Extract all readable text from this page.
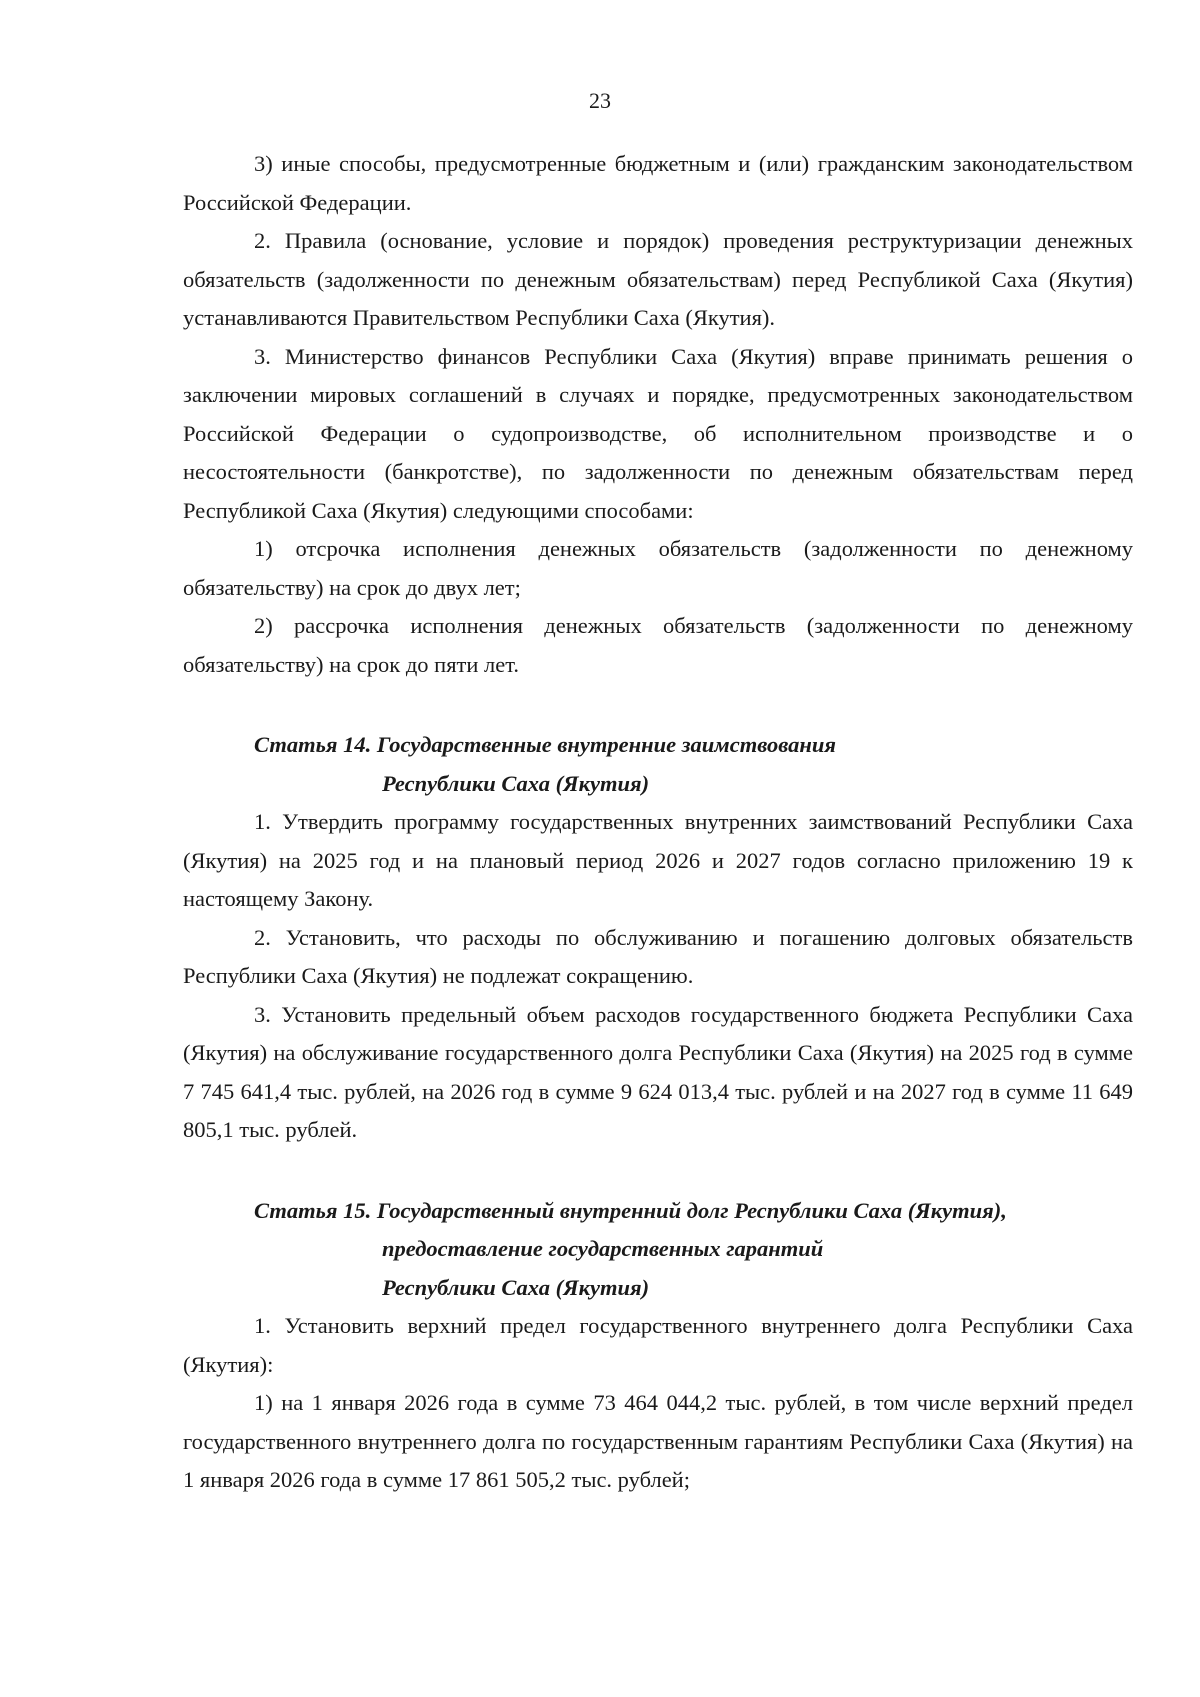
23

3) иные способы, предусмотренные бюджетным и (или) гражданским законодательством Российской Федерации.

2. Правила (основание, условие и порядок) проведения реструктуризации денежных обязательств (задолженности по денежным обязательствам) перед Республикой Саха (Якутия) устанавливаются Правительством Республики Саха (Якутия).

3. Министерство финансов Республики Саха (Якутия) вправе принимать решения о заключении мировых соглашений в случаях и порядке, предусмотренных законодательством Российской Федерации о судопроизводстве, об исполнительном производстве и о несостоятельности (банкротстве), по задолженности по денежным обязательствам перед Республикой Саха (Якутия) следующими способами:

1) отсрочка исполнения денежных обязательств (задолженности по денежному обязательству) на срок до двух лет;

2) рассрочка исполнения денежных обязательств (задолженности по денежному обязательству) на срок до пяти лет.

Статья 14. Государственные внутренние заимствования
Республики Саха (Якутия)

1. Утвердить программу государственных внутренних заимствований Республики Саха (Якутия) на 2025 год и на плановый период 2026 и 2027 годов согласно приложению 19 к настоящему Закону.

2. Установить, что расходы по обслуживанию и погашению долговых обязательств Республики Саха (Якутия) не подлежат сокращению.

3. Установить предельный объем расходов государственного бюджета Республики Саха (Якутия) на обслуживание государственного долга Республики Саха (Якутия) на 2025 год в сумме 7 745 641,4 тыс. рублей, на 2026 год в сумме 9 624 013,4 тыс. рублей и на 2027 год в сумме 11 649 805,1 тыс. рублей.

Статья 15. Государственный внутренний долг Республики Саха (Якутия),
предоставление государственных гарантий
Республики Саха (Якутия)

1. Установить верхний предел государственного внутреннего долга Республики Саха (Якутия):

1) на 1 января 2026 года в сумме 73 464 044,2 тыс. рублей, в том числе верхний предел государственного внутреннего долга по государственным гарантиям Республики Саха (Якутия) на 1 января 2026 года в сумме 17 861 505,2 тыс. рублей;
